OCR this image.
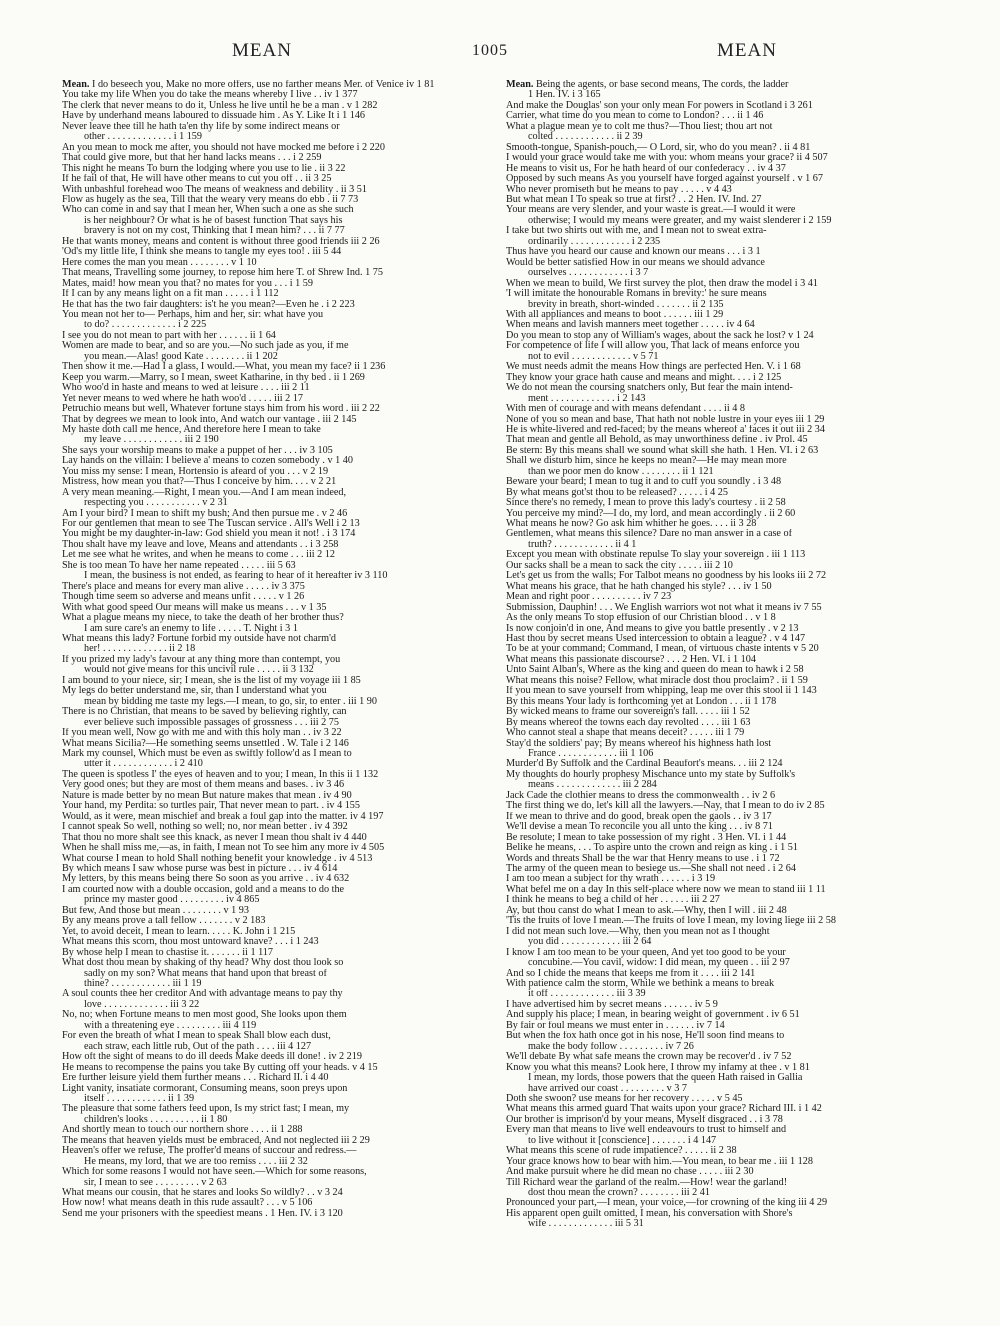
MEAN	1005	MEAN
Mean. I do beseech you, Make no more offers, use no farther means Mer. of Venice iv 1 81
You take my life When you do take the means whereby I live . . iv 1 377
The clerk that never means to do it, Unless he live until he be a man . v 1 282
Have by underhand means laboured to dissuade him . As Y. Like It i 1 146
Never leave thee till he hath ta'en thy life by some indirect means or
other . . . . . . . . . . . . . i 1 159
An you mean to mock me after, you should not have mocked me before i 2 220
That could give more, but that her hand lacks means . . . i 2 259
This night he means To burn the lodging where you use to lie . ii 3 22
If he fail of that, He will have other means to cut you off . . ii 3 25
With unbashful forehead woo The means of weakness and debility . ii 3 51
Flow as hugely as the sea, Till that the weary very means do ebb . ii 7 73
Who can come in and say that I mean her, When such a one as she such
is her neighbour? Or what is he of basest function That says his
bravery is not on my cost, Thinking that I mean him? . . . ii 7 77
He that wants money, means and content is without three good friends iii 2 26
'Od's my little life, I think she means to tangle my eyes too! . iii 5 44
Here comes the man you mean . . . . . . . . v 1 10
That means, Travelling some journey, to repose him here T. of Shrew Ind. 1 75
Mates, maid! how mean you that? no mates for you . . . i 1 59
If I can by any means light on a fit man . . . . . i 1 112
He that has the two fair daughters: is't he you mean?—Even he . i 2 223
You mean not her to— Perhaps, him and her, sir: what have you
to do? . . . . . . . . . . . . . i 2 225
I see you do not mean to part with her . . . . . . ii 1 64
Women are made to bear, and so are you.—No such jade as you, if me
you mean.—Alas! good Kate . . . . . . . . ii 1 202
Then show it me.—Had I a glass, I would.—What, you mean my face? ii 1 236
Keep you warm.—Marry, so I mean, sweet Katharine, in thy bed . ii 1 269
Who woo'd in haste and means to wed at leisure . . . . iii 2 11
Yet never means to wed where he hath woo'd . . . . . iii 2 17
Petruchio means but well, Whatever fortune stays him from his word . iii 2 22
That by degrees we mean to look into, And watch our vantage . iii 2 145
My haste doth call me hence, And therefore here I mean to take
my leave . . . . . . . . . . . . iii 2 190
She says your worship means to make a puppet of her . . . iv 3 105
Lay hands on the villain: I believe a' means to cozen somebody . v 1 40
You miss my sense: I mean, Hortensio is afeard of you . . . v 2 19
Mistress, how mean you that?—Thus I conceive by him. . . . v 2 21
A very mean meaning.—Right, I mean you.—And I am mean indeed,
respecting you . . . . . . . . . . . v 2 31
Am I your bird? I mean to shift my bush; And then pursue me . v 2 46
For our gentlemen that mean to see The Tuscan service . All's Well i 2 13
You might be my daughter-in-law: God shield you mean it not! . i 3 174
Thou shalt have my leave and love, Means and attendants . . i 3 258
Let me see what he writes, and when he means to come . . . iii 2 12
She is too mean To have her name repeated . . . . . iii 5 63
I mean, the business is not ended, as fearing to hear of it hereafter iv 3 110
There's place and means for every man alive . . . . . iv 3 375
Though time seem so adverse and means unfit . . . . . v 1 26
With what good speed Our means will make us means . . . v 1 35
What a plague means my niece, to take the death of her brother thus?
I am sure care's an enemy to life . . . . . T. Night i 3 1
What means this lady? Fortune forbid my outside have not charm'd
her! . . . . . . . . . . . . . ii 2 18
If you prized my lady's favour at any thing more than contempt, you
would not give means for this uncivil rule . . . . . ii 3 132
I am bound to your niece, sir; I mean, she is the list of my voyage iii 1 85
My legs do better understand me, sir, than I understand what you
mean by bidding me taste my legs.—I mean, to go, sir, to enter . iii 1 90
There is no Christian, that means to be saved by believing rightly, can
ever believe such impossible passages of grossness . . . iii 2 75
If you mean well, Now go with me and with this holy man . . iv 3 22
What means Sicilia?—He something seems unsettled . W. Tale i 2 146
Mark my counsel, Which must be even as swiftly follow'd as I mean to
utter it . . . . . . . . . . . . i 2 410
The queen is spotless I' the eyes of heaven and to you; I mean, In this ii 1 132
Very good ones; but they are most of them means and bases. . iv 3 46
Nature is made better by no mean But nature makes that mean . iv 4 90
Your hand, my Perdita: so turtles pair, That never mean to part. . iv 4 155
Would, as it were, mean mischief and break a foul gap into the matter. iv 4 197
I cannot speak So well, nothing so well; no, nor mean better . iv 4 392
That thou no more shalt see this knack, as never I mean thou shalt iv 4 440
When he shall miss me,—as, in faith, I mean not To see him any more iv 4 505
What course I mean to hold Shall nothing benefit your knowledge . iv 4 513
By which means I saw whose purse was best in picture . . . iv 4 614
My letters, by this means being there So soon as you arrive . . iv 4 632
I am courted now with a double occasion, gold and a means to do the
prince my master good . . . . . . . . . iv 4 865
But few, And those but mean . . . . . . . . v 1 93
By any means prove a tall fellow . . . . . . . v 2 183
Yet, to avoid deceit, I mean to learn. . . . . K. John i 1 215
What means this scorn, thou most untoward knave? . . . i 1 243
By whose help I mean to chastise it. . . . . . . ii 1 117
What dost thou mean by shaking of thy head? Why dost thou look so
sadly on my son? What means that hand upon that breast of
thine? . . . . . . . . . . . . iii 1 19
A soul counts thee her creditor And with advantage means to pay thy
love . . . . . . . . . . . . . iii 3 22
No, no; when Fortune means to men most good, She looks upon them
with a threatening eye . . . . . . . . . iii 4 119
For even the breath of what I mean to speak Shall blow each dust,
each straw, each little rub, Out of the path . . . . iii 4 127
How oft the sight of means to do ill deeds Make deeds ill done! . iv 2 219
He means to recompense the pains you take By cutting off your heads. v 4 15
Ere further leisure yield them further means . . . Richard II. i 4 40
Light vanity, insatiate cormorant, Consuming means, soon preys upon
itself . . . . . . . . . . . . ii 1 39
The pleasure that some fathers feed upon, Is my strict fast; I mean, my
children's looks . . . . . . . . . . ii 1 80
And shortly mean to touch our northern shore . . . . ii 1 288
The means that heaven yields must be embraced, And not neglected iii 2 29
Heaven's offer we refuse, The proffer'd means of succour and redress.—
He means, my lord, that we are too remiss . . . . iii 2 32
Which for some reasons I would not have seen.—Which for some reasons,
sir, I mean to see . . . . . . . . . v 2 63
What means our cousin, that he stares and looks So wildly? . . v 3 24
How now! what means death in this rude assault? . . . v 5 106
Send me your prisoners with the speediest means . 1 Hen. IV. i 3 120
Mean. Being the agents, or base second means, The cords, the ladder
1 Hen. IV. i 3 165
And make the Douglas' son your only mean For powers in Scotland i 3 261
Carrier, what time do you mean to come to London? . . . ii 1 46
What a plague mean ye to colt me thus?—Thou liest; thou art not
colted . . . . . . . . . . . . ii 2 39
Smooth-tongue, Spanish-pouch,— O Lord, sir, who do you mean? . ii 4 81
I would your grace would take me with you: whom means your grace? ii 4 507
He means to visit us, For he hath heard of our confederacy . . iv 4 37
Opposed by such means As you yourself have forged against yourself . v 1 67
Who never promiseth but he means to pay . . . . . v 4 43
But what mean I To speak so true at first? . . 2 Hen. IV. Ind. 27
Your means are very slender, and your waste is great.—I would it were
otherwise; I would my means were greater, and my waist slenderer i 2 159
I take but two shirts out with me, and I mean not to sweat extra-
ordinarily . . . . . . . . . . . . i 2 235
Thus have you heard our cause and known our means . . . i 3 1
Would be better satisfied How in our means we should advance
ourselves . . . . . . . . . . . . i 3 7
When we mean to build, We first survey the plot, then draw the model i 3 41
'I will imitate the honourable Romans in brevity:' he sure means
brevity in breath, short-winded . . . . . . . ii 2 135
With all appliances and means to boot . . . . . . iii 1 29
When means and lavish manners meet together . . . . . iv 4 64
Do you mean to stop any of William's wages, about the sack he lost? v 1 24
For competence of life I will allow you, That lack of means enforce you
not to evil . . . . . . . . . . . . v 5 71
We must needs admit the means How things are perfected Hen. V. i 1 68
They know your grace hath cause and means and might. . . . i 2 125
We do not mean the coursing snatchers only, But fear the main intend-
ment . . . . . . . . . . . . . i 2 143
With men of courage and with means defendant . . . . ii 4 8
None of you so mean and base, That hath not noble lustre in your eyes iii 1 29
He is white-livered and red-faced; by the means whereof a' faces it out iii 2 34
That mean and gentle all Behold, as may unworthiness define . iv Prol. 45
Be stern: By this means shall we sound what skill she hath. 1 Hen. VI. i 2 63
Shall we disturb him, since he keeps no mean?—He may mean more
than we poor men do know . . . . . . . . ii 1 121
Beware your beard; I mean to tug it and to cuff you soundly . i 3 48
By what means got'st thou to be released? . . . . . i 4 25
Since there's no remedy, I mean to prove this lady's courtesy . ii 2 58
You perceive my mind?—I do, my lord, and mean accordingly . ii 2 60
What means he now? Go ask him whither he goes. . . . ii 3 28
Gentlemen, what means this silence? Dare no man answer in a case of
truth? . . . . . . . . . . . . ii 4 1
Except you mean with obstinate repulse To slay your sovereign . iii 1 113
Our sacks shall be a mean to sack the city . . . . . iii 2 10
Let's get us from the walls; For Talbot means no goodness by his looks iii 2 72
What means his grace, that he hath changed his style? . . . iv 1 50
Mean and right poor . . . . . . . . . . iv 7 23
Submission, Dauphin! . . . We English warriors wot not what it means iv 7 55
As the only means To stop effusion of our Christian blood . . v 1 8
Is now conjoin'd in one, And means to give you battle presently . v 2 13
Hast thou by secret means Used intercession to obtain a league? . v 4 147
To be at your command; Command, I mean, of virtuous chaste intents v 5 20
What means this passionate discourse? . . . 2 Hen. VI. i 1 104
Unto Saint Alban's, Where as the king and queen do mean to hawk i 2 58
What means this noise? Fellow, what miracle dost thou proclaim? . ii 1 59
If you mean to save yourself from whipping, leap me over this stool ii 1 143
By this means Your lady is forthcoming yet at London . . . ii 1 178
By wicked means to frame our sovereign's fall. . . . . iii 1 52
By means whereof the towns each day revolted . . . . iii 1 63
Who cannot steal a shape that means deceit? . . . . . iii 1 79
Stay'd the soldiers' pay; By means whereof his highness hath lost
France . . . . . . . . . . . . iii 1 106
Murder'd By Suffolk and the Cardinal Beaufort's means. . . iii 2 124
My thoughts do hourly prophesy Mischance unto my state by Suffolk's
means . . . . . . . . . . . . . iii 2 284
Jack Cade the clothier means to dress the commonwealth . . iv 2 6
The first thing we do, let's kill all the lawyers.—Nay, that I mean to do iv 2 85
If we mean to thrive and do good, break open the gaols . . iv 3 17
We'll devise a mean To reconcile you all unto the king . . . iv 8 71
Be resolute; I mean to take possession of my right . 3 Hen. VI. i 1 44
Belike he means, . . . To aspire unto the crown and reign as king . i 1 51
Words and threats Shall be the war that Henry means to use . i 1 72
The army of the queen mean to besiege us.—She shall not need . i 2 64
I am too mean a subject for thy wrath . . . . . . i 3 19
What befel me on a day In this self-place where now we mean to stand iii 1 11
I think he means to beg a child of her . . . . . . iii 2 27
Ay, but thou canst do what I mean to ask.—Why, then I will . iii 2 48
'Tis the fruits of love I mean.—The fruits of love I mean, my loving liege iii 2 58
I did not mean such love.—Why, then you mean not as I thought
you did . . . . . . . . . . . . iii 2 64
I know I am too mean to be your queen, And yet too good to be your
concubine.—You cavil, widow: I did mean, my queen . . iii 2 97
And so I chide the means that keeps me from it . . . . iii 2 141
With patience calm the storm, While we bethink a means to break
it off . . . . . . . . . . . . . iii 3 39
I have advertised him by secret means . . . . . . iv 5 9
And supply his place; I mean, in bearing weight of government . iv 6 51
By fair or foul means we must enter in . . . . . . iv 7 14
But when the fox hath once got in his nose, He'll soon find means to
make the body follow . . . . . . . . . iv 7 26
We'll debate By what safe means the crown may be recover'd . iv 7 52
Know you what this means? Look here, I throw my infamy at thee . v 1 81
I mean, my lords, those powers that the queen Hath raised in Gallia
have arrived our coast . . . . . . . . . v 3 7
Doth she swoon? use means for her recovery . . . . . v 5 45
What means this armed guard That waits upon your grace? Richard III. i 1 42
Our brother is imprison'd by your means, Myself disgraced . . i 3 78
Every man that means to live well endeavours to trust to himself and
to live without it [conscience] . . . . . . . i 4 147
What means this scene of rude impatience? . . . . . ii 2 38
Your grace knows how to bear with him.—You mean, to bear me . iii 1 128
And make pursuit where he did mean no chase . . . . . iii 2 30
Till Richard wear the garland of the realm.—How! wear the garland!
dost thou mean the crown? . . . . . . . . iii 2 41
Pronounced your part,—I mean, your voice,—for crowning of the king iii 4 29
His apparent open guilt omitted, I mean, his conversation with Shore's
wife . . . . . . . . . . . . . iii 5 31
